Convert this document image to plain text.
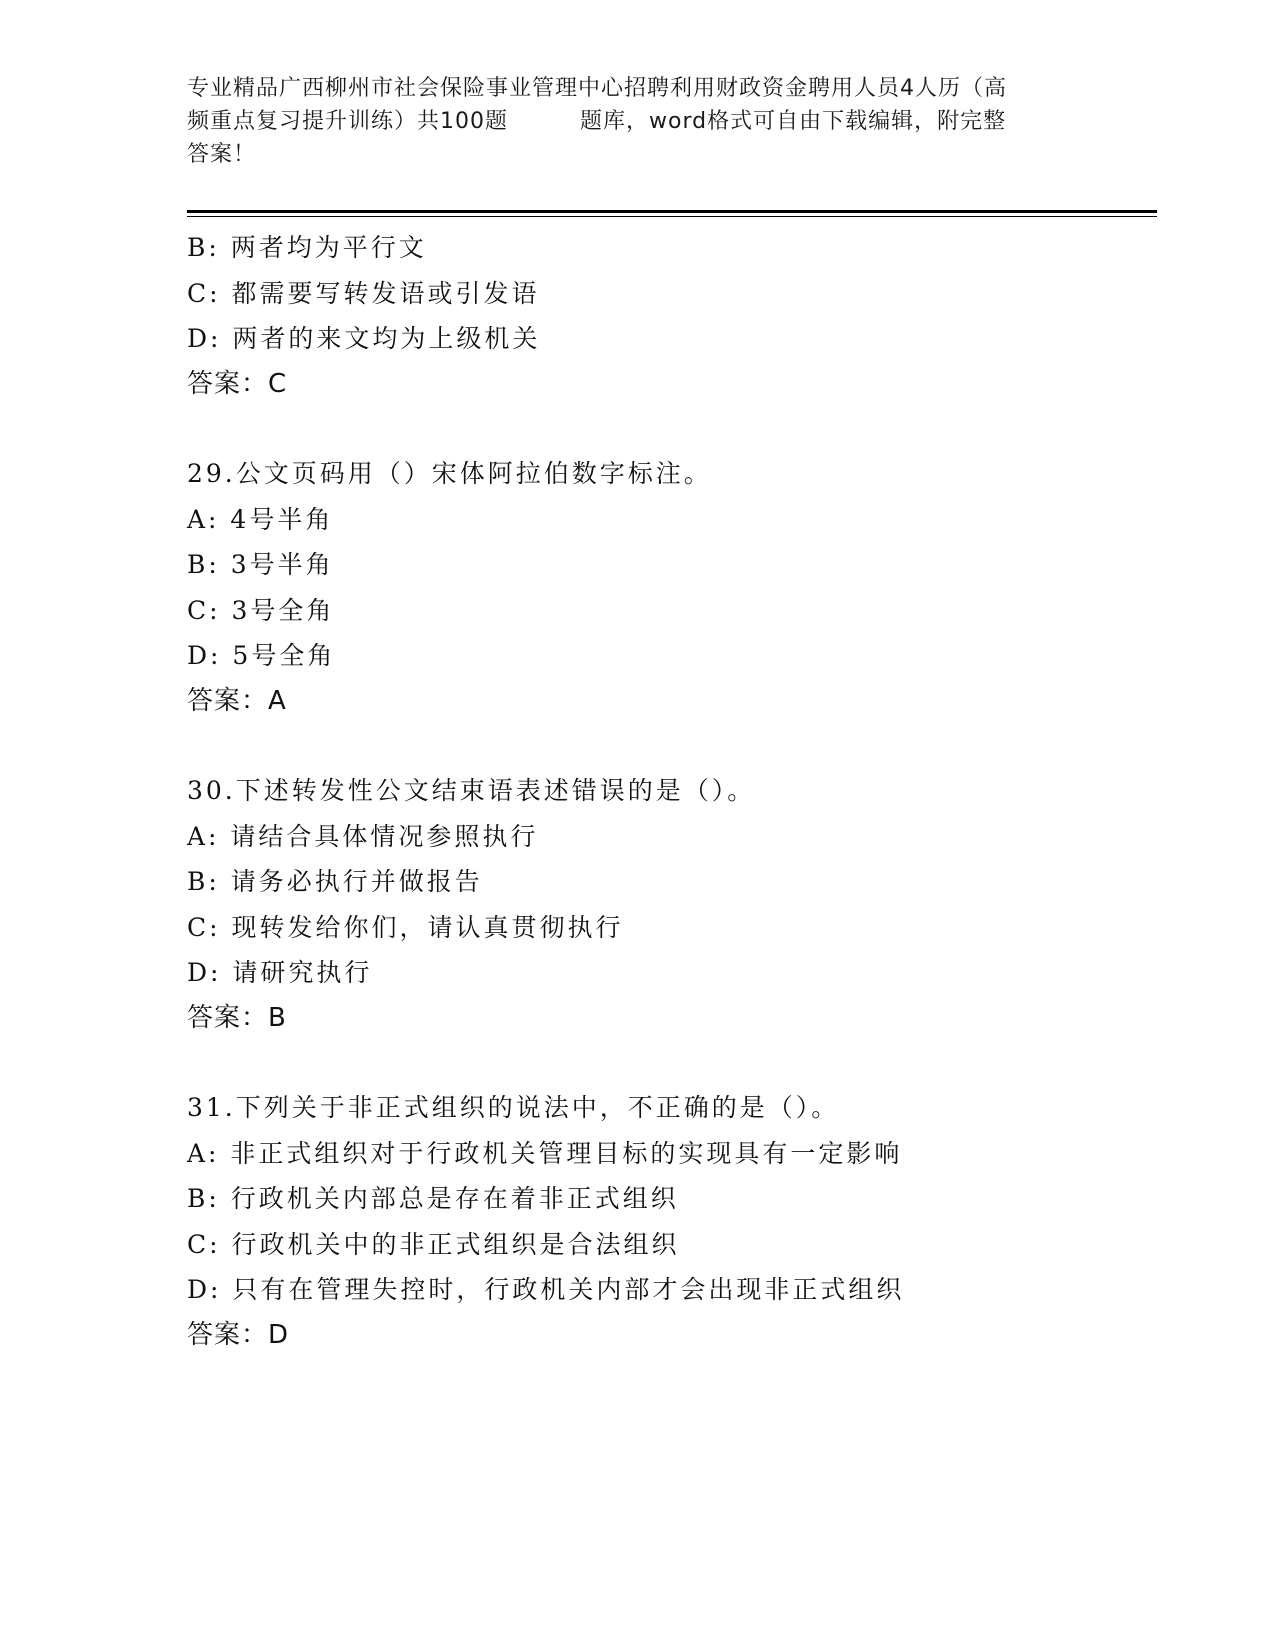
专业精品广西柳州市社会保险事业管理中心招聘利用财政资金聘用人员4人历（高
频重点复习提升训练）共100题	题库，word格式可自由下载编辑，附完整
答案！
B: 两者均为平行文
C: 都需要写转发语或引发语
D: 两者的来文均为上级机关
答案：C
29.公文页码用（）宋体阿拉伯数字标注。
A: 4号半角
B: 3号半角
C: 3号全角
D: 5号全角
答案：A
30.下述转发性公文结束语表述错误的是（）。
A: 请结合具体情况参照执行
B: 请务必执行并做报告
C: 现转发给你们，请认真贯彻执行
D: 请研究执行
答案：B
31.下列关于非正式组织的说法中，不正确的是（）。
A: 非正式组织对于行政机关管理目标的实现具有一定影响
B: 行政机关内部总是存在着非正式组织
C: 行政机关中的非正式组织是合法组织
D: 只有在管理失控时，行政机关内部才会出现非正式组织
答案：D
